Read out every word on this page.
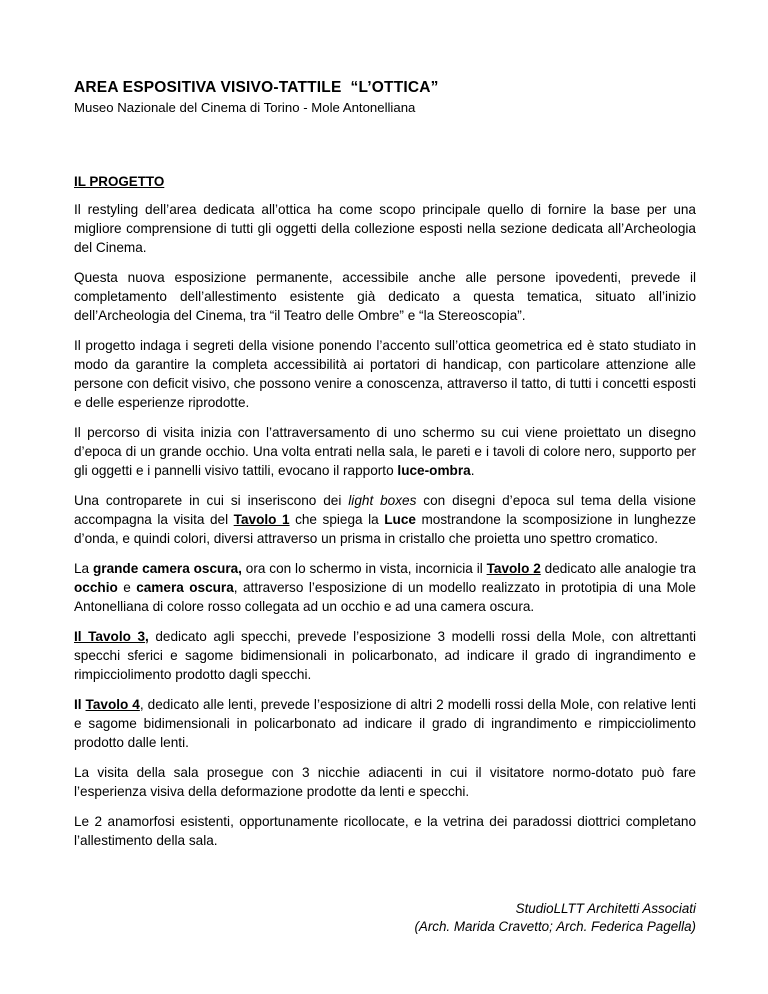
AREA ESPOSITIVA VISIVO-TATTILE  “L’OTTICA”
Museo Nazionale del Cinema di Torino - Mole Antonelliana
IL PROGETTO

Il restyling dell’area dedicata all’ottica ha come scopo principale quello di fornire la base per una migliore comprensione di tutti gli oggetti della collezione esposti nella sezione dedicata all’Archeologia del Cinema.

Questa nuova esposizione permanente, accessibile anche alle persone ipovedenti, prevede il completamento dell’allestimento esistente già dedicato a questa tematica, situato all’inizio dell’Archeologia del Cinema, tra “il Teatro delle Ombre” e “la Stereoscopia”.

Il progetto indaga i segreti della visione ponendo l’accento sull’ottica geometrica ed è stato studiato in modo da garantire la completa accessibilità ai portatori di handicap, con particolare attenzione alle persone con deficit visivo, che possono venire a conoscenza, attraverso il tatto, di tutti i concetti esposti e delle esperienze riprodotte.

Il percorso di visita inizia con l’attraversamento di uno schermo su cui viene proiettato un disegno d’epoca di un grande occhio. Una volta entrati nella sala, le pareti e i tavoli di colore nero, supporto per gli oggetti e i pannelli visivo tattili, evocano il rapporto luce-ombra.

Una controparete in cui si inseriscono dei light boxes con disegni d’epoca sul tema della visione accompagna la visita del Tavolo 1 che spiega la Luce mostrandone la scomposizione in lunghezze d’onda, e quindi colori, diversi attraverso un prisma in cristallo che proietta uno spettro cromatico.

La grande camera oscura, ora con lo schermo in vista, incornicia il Tavolo 2 dedicato alle analogie tra occhio e camera oscura, attraverso l’esposizione di un modello realizzato in prototipia di una Mole Antonelliana di colore rosso collegata ad un occhio e ad una camera oscura.

Il Tavolo 3, dedicato agli specchi, prevede l’esposizione 3 modelli rossi della Mole, con altrettanti specchi sferici e sagome bidimensionali in policarbonato, ad indicare il grado di ingrandimento e rimpicciolimento prodotto dagli specchi.

Il Tavolo 4, dedicato alle lenti, prevede l’esposizione di altri 2 modelli rossi della Mole, con relative lenti e sagome bidimensionali in policarbonato ad indicare il grado di ingrandimento e rimpicciolimento prodotto dalle lenti.

La visita della sala prosegue con 3 nicchie adiacenti in cui il visitatore normo-dotato può fare l’esperienza visiva della deformazione prodotte da lenti e specchi.

Le 2 anamorfosi esistenti, opportunamente ricollocate, e la vetrina dei paradossi diottrici completano l’allestimento della sala.

StudioLLTT Architetti Associati
(Arch. Marida Cravetto; Arch. Federica Pagella)
